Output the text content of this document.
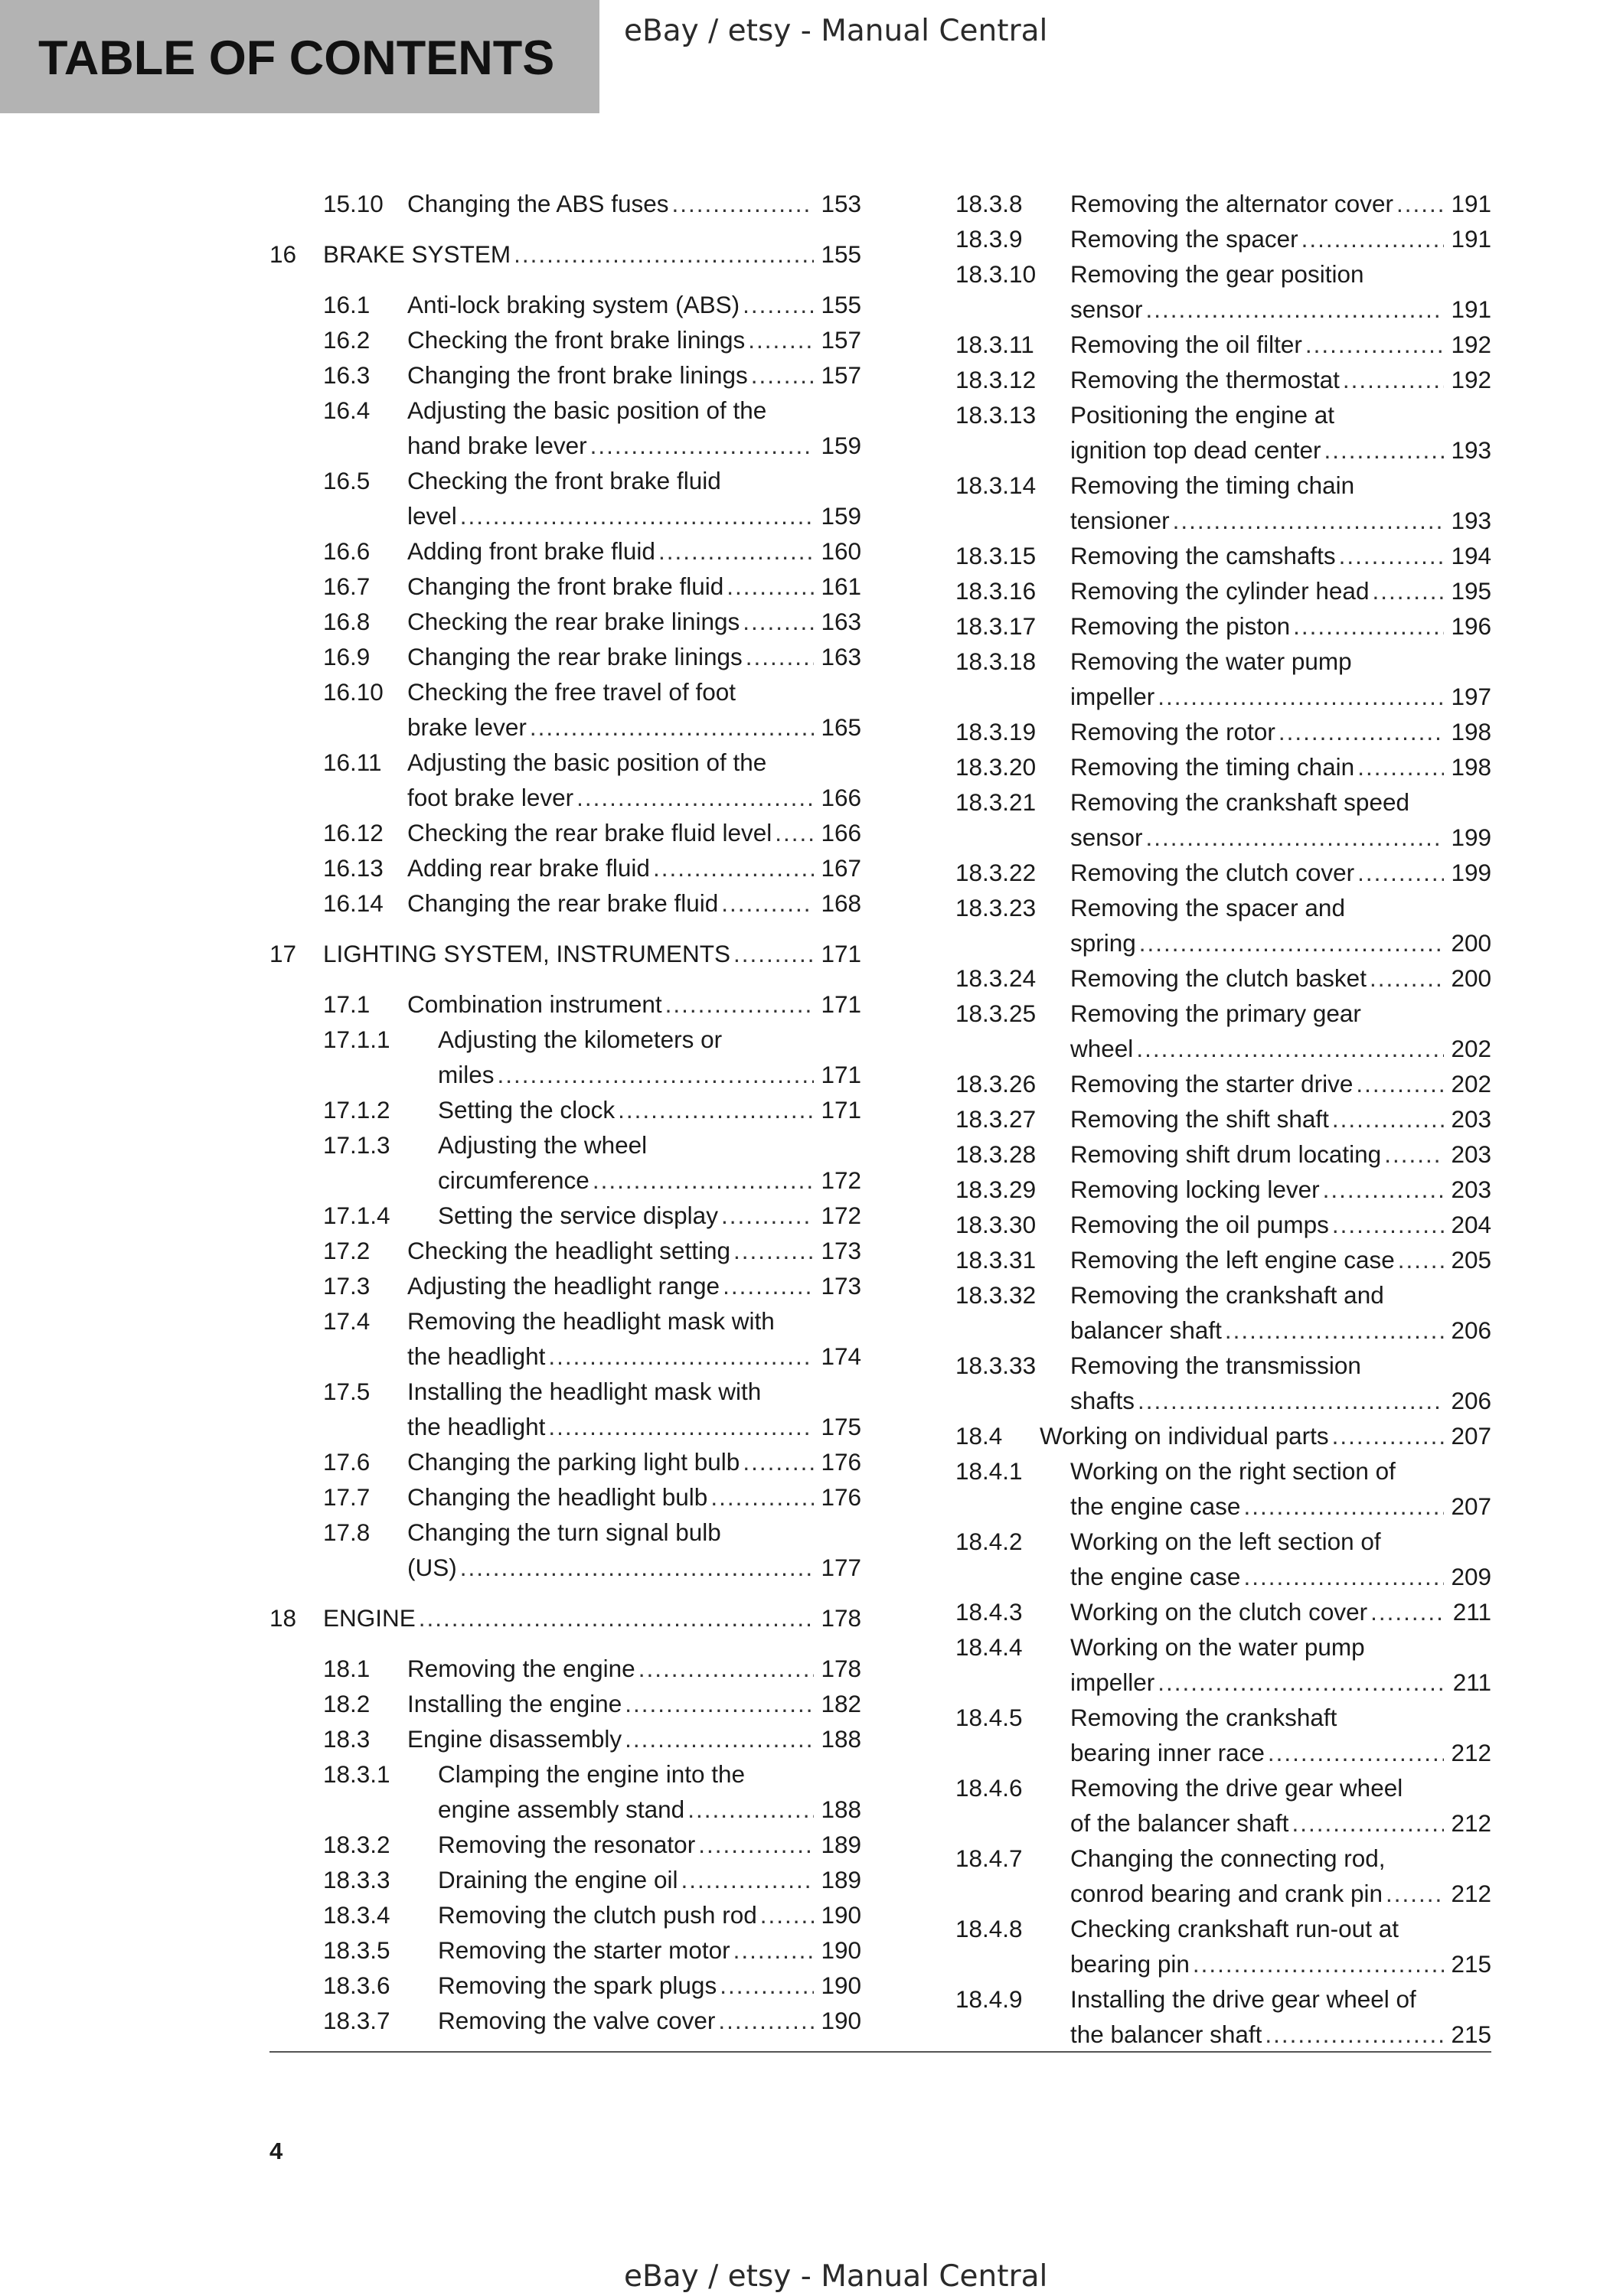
TABLE OF CONTENTS
eBay / etsy - Manual Central
15.10 Changing the ABS fuses .....	153
16 BRAKE SYSTEM .....	155
16.1 Anti-lock braking system (ABS) .....	155
16.2 Checking the front brake linings .....	157
16.3 Changing the front brake linings .....	157
16.4 Adjusting the basic position of the
hand brake lever .....	159
16.5 Checking the front brake fluid
level .....	159
16.6 Adding front brake fluid .....	160
16.7 Changing the front brake fluid .....	161
16.8 Checking the rear brake linings .....	163
16.9 Changing the rear brake linings .....	163
16.10 Checking the free travel of foot
brake lever .....	165
16.11 Adjusting the basic position of the
foot brake lever .....	166
16.12 Checking the rear brake fluid level ..... 166
16.13 Adding rear brake fluid .....	167
16.14 Changing the rear brake fluid .....	168
17 LIGHTING SYSTEM, INSTRUMENTS .....	171
17.1 Combination instrument .....	171
17.1.1 Adjusting the kilometers or
miles .....	171
17.1.2 Setting the clock .....	171
17.1.3 Adjusting the wheel
circumference .....	172
17.1.4 Setting the service display .....	172
17.2 Checking the headlight setting .....	173
17.3 Adjusting the headlight range .....	173
17.4 Removing the headlight mask with
the headlight .....	174
17.5 Installing the headlight mask with
the headlight .....	175
17.6 Changing the parking light bulb .....	176
17.7 Changing the headlight bulb .....	176
17.8 Changing the turn signal bulb
(US) .....	177
18 ENGINE .....	178
18.1 Removing the engine .....	178
18.2 Installing the engine .....	182
18.3 Engine disassembly .....	188
18.3.1 Clamping the engine into the
engine assembly stand .....	188
18.3.2 Removing the resonator .....	189
18.3.3 Draining the engine oil .....	189
18.3.4 Removing the clutch push rod .....	190
18.3.5 Removing the starter motor .....	190
18.3.6 Removing the spark plugs .....	190
18.3.7 Removing the valve cover .....	190
18.3.8 Removing the alternator cover ..... 191
18.3.9 Removing the spacer .....	191
18.3.10 Removing the gear position
sensor .....	191
18.3.11 Removing the oil filter .....	192
18.3.12 Removing the thermostat .....	192
18.3.13 Positioning the engine at
ignition top dead center .....	193
18.3.14 Removing the timing chain
tensioner .....	193
18.3.15 Removing the camshafts .....	194
18.3.16 Removing the cylinder head .....	195
18.3.17 Removing the piston .....	196
18.3.18 Removing the water pump
impeller .....	197
18.3.19 Removing the rotor .....	198
18.3.20 Removing the timing chain .....	198
18.3.21 Removing the crankshaft speed
sensor .....	199
18.3.22 Removing the clutch cover .....	199
18.3.23 Removing the spacer and
spring .....	200
18.3.24 Removing the clutch basket .....	200
18.3.25 Removing the primary gear
wheel .....	202
18.3.26 Removing the starter drive .....	202
18.3.27 Removing the shift shaft .....	203
18.3.28 Removing shift drum locating .....	203
18.3.29 Removing locking lever .....	203
18.3.30 Removing the oil pumps .....	204
18.3.31 Removing the left engine case ..... 205
18.3.32 Removing the crankshaft and
balancer shaft .....	206
18.3.33 Removing the transmission
shafts .....	206
18.4 Working on individual parts .....	207
18.4.1 Working on the right section of
the engine case .....	207
18.4.2 Working on the left section of
the engine case .....	209
18.4.3 Working on the clutch cover .....	211
18.4.4 Working on the water pump
impeller .....	211
18.4.5 Removing the crankshaft
bearing inner race .....	212
18.4.6 Removing the drive gear wheel
of the balancer shaft .....	212
18.4.7 Changing the connecting rod,
conrod bearing and crank pin .....	212
18.4.8 Checking crankshaft run-out at
bearing pin .....	215
18.4.9 Installing the drive gear wheel of
the balancer shaft .....	215
4
eBay / etsy - Manual Central
